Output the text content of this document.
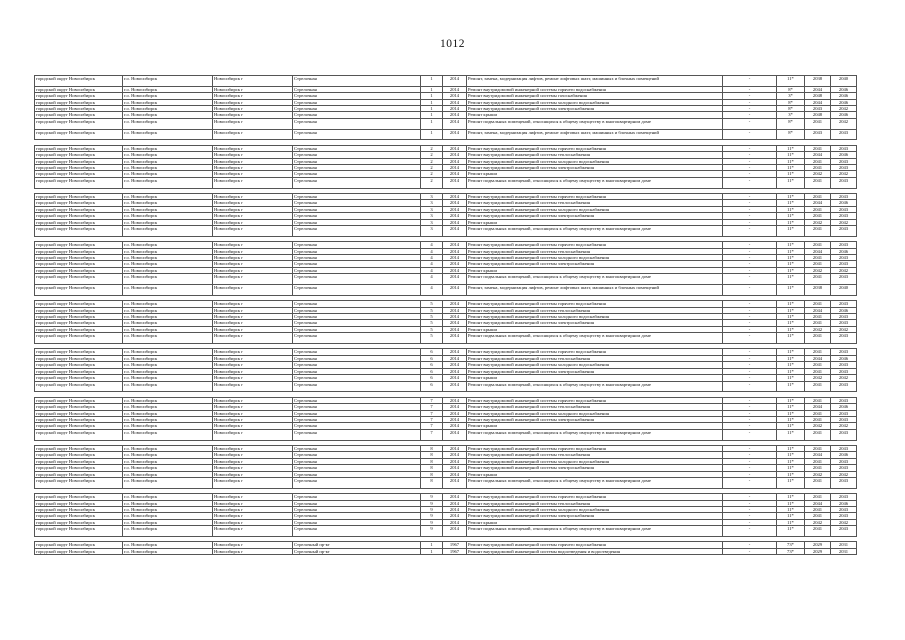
1012
городской округ Новосибирск	г.о. Новосибирск	Новосибирск г	Стрелочная	1	2014	Ремонт, замена, модернизация лифтов, ремонт лифтовых шахт, машинных и блочных помещений	-	11*	2038	2040
городской округ Новосибирск	г.о. Новосибирск	Новосибирск г	Стрелочная	1	2014	Ремонт внутридомовой инженерной системы горячего водоснабжения	-	8*	2044	2046
городской округ Новосибирск	г.о. Новосибирск	Новосибирск г	Стрелочная	1	2014	Ремонт внутридомовой инженерной системы газоснабжения	-	3*	2048	2046
городской округ Новосибирск	г.о. Новосибирск	Новосибирск г	Стрелочная	1	2014	Ремонт внутридомовой инженерной системы холодного водоснабжения	-	8*	2044	2046
городской округ Новосибирск	г.о. Новосибирск	Новосибирск г	Стрелочная	1	2014	Ремонт внутридомовой инженерной системы электроснабжения	-	8*	2043	2042
городской округ Новосибирск	г.о. Новосибирск	Новосибирск г	Стрелочная	1	2014	Ремонт крыши	-	3*	2048	2046
городской округ Новосибирск	г.о. Новосибирск	Новосибирск г	Стрелочная	1	2014	Ремонт подвальных помещений, относящихся к общему имуществу в многоквартирном доме	-	8*	2041	2042
городской округ Новосибирск	г.о. Новосибирск	Новосибирск г	Стрелочная	1	2014	Ремонт, замена, модернизация лифтов, ремонт лифтовых шахт, машинных и блочных помещений	-	8*	2043	2043

городской округ Новосибирск	г.о. Новосибирск	Новосибирск г	Стрелочная	2	2014	Ремонт внутридомовой инженерной системы горячего водоснабжения	-	11*	2041	2043
городской округ Новосибирск	г.о. Новосибирск	Новосибирск г	Стрелочная	2	2014	Ремонт внутридомовой инженерной системы теплоснабжения	-	11*	2044	2046
городской округ Новосибирск	г.о. Новосибирск	Новосибирск г	Стрелочная	2	2014	Ремонт внутридомовой инженерной системы холодного водоснабжения	-	11*	2041	2043
городской округ Новосибирск	г.о. Новосибирск	Новосибирск г	Стрелочная	2	2014	Ремонт внутридомовой инженерной системы электроснабжения	-	11*	2041	2043
городской округ Новосибирск	г.о. Новосибирск	Новосибирск г	Стрелочная	2	2014	Ремонт крыши	-	11*	2042	2042
городской округ Новосибирск	г.о. Новосибирск	Новосибирск г	Стрелочная	2	2014	Ремонт подвальных помещений, относящихся к общему имуществу в многоквартирном доме	-	11*	2041	2043

городской округ Новосибирск	г.о. Новосибирск	Новосибирск г	Стрелочная	3	2014	Ремонт внутридомовой инженерной системы горячего водоснабжения	-	11*	2041	2043
городской округ Новосибирск	г.о. Новосибирск	Новосибирск г	Стрелочная	3	2014	Ремонт внутридомовой инженерной системы теплоснабжения	-	11*	2044	2046
городской округ Новосибирск	г.о. Новосибирск	Новосибирск г	Стрелочная	3	2014	Ремонт внутридомовой инженерной системы холодного водоснабжения	-	11*	2041	2043
городской округ Новосибирск	г.о. Новосибирск	Новосибирск г	Стрелочная	3	2014	Ремонт внутридомовой инженерной системы электроснабжения	-	11*	2041	2043
городской округ Новосибирск	г.о. Новосибирск	Новосибирск г	Стрелочная	3	2014	Ремонт крыши	-	11*	2042	2042
городской округ Новосибирск	г.о. Новосибирск	Новосибирск г	Стрелочная	3	2014	Ремонт подвальных помещений, относящихся к общему имуществу в многоквартирном доме	-	11*	2041	2043

городской округ Новосибирск	г.о. Новосибирск	Новосибирск г	Стрелочная	4	2014	Ремонт внутридомовой инженерной системы горячего водоснабжения	-	11*	2041	2043
городской округ Новосибирск	г.о. Новосибирск	Новосибирск г	Стрелочная	4	2014	Ремонт внутридомовой инженерной системы теплоснабжения	-	11*	2044	2046
городской округ Новосибирск	г.о. Новосибирск	Новосибирск г	Стрелочная	4	2014	Ремонт внутридомовой инженерной системы холодного водоснабжения	-	11*	2041	2043
городской округ Новосибирск	г.о. Новосибирск	Новосибирск г	Стрелочная	4	2014	Ремонт внутридомовой инженерной системы электроснабжения	-	11*	2041	2043
городской округ Новосибирск	г.о. Новосибирск	Новосибирск г	Стрелочная	4	2014	Ремонт крыши	-	11*	2042	2042
городской округ Новосибирск	г.о. Новосибирск	Новосибирск г	Стрелочная	4	2014	Ремонт подвальных помещений, относящихся к общему имуществу в многоквартирном доме	-	11*	2041	2043
городской округ Новосибирск	г.о. Новосибирск	Новосибирск г	Стрелочная	4	2014	Ремонт, замена, модернизация лифтов, ремонт лифтовых шахт, машинных и блочных помещений	-	11*	2038	2040

городской округ Новосибирск	г.о. Новосибирск	Новосибирск г	Стрелочная	5	2014	Ремонт внутридомовой инженерной системы горячего водоснабжения	-	11*	2041	2043
городской округ Новосибирск	г.о. Новосибирск	Новосибирск г	Стрелочная	5	2014	Ремонт внутридомовой инженерной системы теплоснабжения	-	11*	2044	2046
городской округ Новосибирск	г.о. Новосибирск	Новосибирск г	Стрелочная	5	2014	Ремонт внутридомовой инженерной системы холодного водоснабжения	-	11*	2041	2043
городской округ Новосибирск	г.о. Новосибирск	Новосибирск г	Стрелочная	5	2014	Ремонт внутридомовой инженерной системы электроснабжения	-	11*	2041	2043
городской округ Новосибирск	г.о. Новосибирск	Новосибирск г	Стрелочная	5	2014	Ремонт крыши	-	11*	2042	2042
городской округ Новосибирск	г.о. Новосибирск	Новосибирск г	Стрелочная	5	2014	Ремонт подвальных помещений, относящихся к общему имуществу в многоквартирном доме	-	11*	2041	2043

городской округ Новосибирск	г.о. Новосибирск	Новосибирск г	Стрелочная	6	2014	Ремонт внутридомовой инженерной системы горячего водоснабжения	-	11*	2041	2043
городской округ Новосибирск	г.о. Новосибирск	Новосибирск г	Стрелочная	6	2014	Ремонт внутридомовой инженерной системы теплоснабжения	-	11*	2044	2046
городской округ Новосибирск	г.о. Новосибирск	Новосибирск г	Стрелочная	6	2014	Ремонт внутридомовой инженерной системы холодного водоснабжения	-	11*	2041	2043
городской округ Новосибирск	г.о. Новосибирск	Новосибирск г	Стрелочная	6	2014	Ремонт внутридомовой инженерной системы электроснабжения	-	11*	2041	2043
городской округ Новосибирск	г.о. Новосибирск	Новосибирск г	Стрелочная	6	2014	Ремонт крыши	-	11*	2042	2042
городской округ Новосибирск	г.о. Новосибирск	Новосибирск г	Стрелочная	6	2014	Ремонт подвальных помещений, относящихся к общему имуществу в многоквартирном доме	-	11*	2041	2043

городской округ Новосибирск	г.о. Новосибирск	Новосибирск г	Стрелочная	7	2014	Ремонт внутридомовой инженерной системы горячего водоснабжения	-	11*	2041	2043
городской округ Новосибирск	г.о. Новосибирск	Новосибирск г	Стрелочная	7	2014	Ремонт внутридомовой инженерной системы теплоснабжения	-	11*	2044	2046
городской округ Новосибирск	г.о. Новосибирск	Новосибирск г	Стрелочная	7	2014	Ремонт внутридомовой инженерной системы холодного водоснабжения	-	11*	2041	2043
городской округ Новосибирск	г.о. Новосибирск	Новосибирск г	Стрелочная	7	2014	Ремонт внутридомовой инженерной системы электроснабжения	-	11*	2041	2043
городской округ Новосибирск	г.о. Новосибирск	Новосибирск г	Стрелочная	7	2014	Ремонт крыши	-	11*	2042	2042
городской округ Новосибирск	г.о. Новосибирск	Новосибирск г	Стрелочная	7	2014	Ремонт подвальных помещений, относящихся к общему имуществу в многоквартирном доме	-	11*	2041	2043

городской округ Новосибирск	г.о. Новосибирск	Новосибирск г	Стрелочная	8	2014	Ремонт внутридомовой инженерной системы горячего водоснабжения	-	11*	2041	2043
городской округ Новосибирск	г.о. Новосибирск	Новосибирск г	Стрелочная	8	2014	Ремонт внутридомовой инженерной системы теплоснабжения	-	11*	2044	2046
городской округ Новосибирск	г.о. Новосибирск	Новосибирск г	Стрелочная	8	2014	Ремонт внутридомовой инженерной системы холодного водоснабжения	-	11*	2041	2043
городской округ Новосибирск	г.о. Новосибирск	Новосибирск г	Стрелочная	8	2014	Ремонт внутридомовой инженерной системы электроснабжения	-	11*	2041	2043
городской округ Новосибирск	г.о. Новосибирск	Новосибирск г	Стрелочная	8	2014	Ремонт крыши	-	11*	2042	2042
городской округ Новосибирск	г.о. Новосибирск	Новосибирск г	Стрелочная	8	2014	Ремонт подвальных помещений, относящихся к общему имуществу в многоквартирном доме	-	11*	2041	2043

городской округ Новосибирск	г.о. Новосибирск	Новосибирск г	Стрелочная	9	2014	Ремонт внутридомовой инженерной системы горячего водоснабжения	-	11*	2041	2043
городской округ Новосибирск	г.о. Новосибирск	Новосибирск г	Стрелочная	9	2014	Ремонт внутридомовой инженерной системы теплоснабжения	-	11*	2044	2046
городской округ Новосибирск	г.о. Новосибирск	Новосибирск г	Стрелочная	9	2014	Ремонт внутридомовой инженерной системы холодного водоснабжения	-	11*	2041	2043
городской округ Новосибирск	г.о. Новосибирск	Новосибирск г	Стрелочная	9	2014	Ремонт внутридомовой инженерной системы электроснабжения	-	11*	2041	2043
городской округ Новосибирск	г.о. Новосибирск	Новосибирск г	Стрелочная	9	2014	Ремонт крыши	-	11*	2042	2042
городской округ Новосибирск	г.о. Новосибирск	Новосибирск г	Стрелочная	9	2014	Ремонт подвальных помещений, относящихся к общему имуществу в многоквартирном доме	-	11*	2041	2043

городской округ Новосибирск	г.о. Новосибирск	Новосибирск г	Стрелочный пр-кт	1	1967	Ремонт внутридомовой инженерной системы горячего водоснабжения	-	73*	2029	2031
городской округ Новосибирск	г.о. Новосибирск	Новосибирск г	Стрелочный пр-кт	1	1967	Ремонт внутридомовой инженерной системы водоотведения и водоотведения	-	73*	2029	2031
